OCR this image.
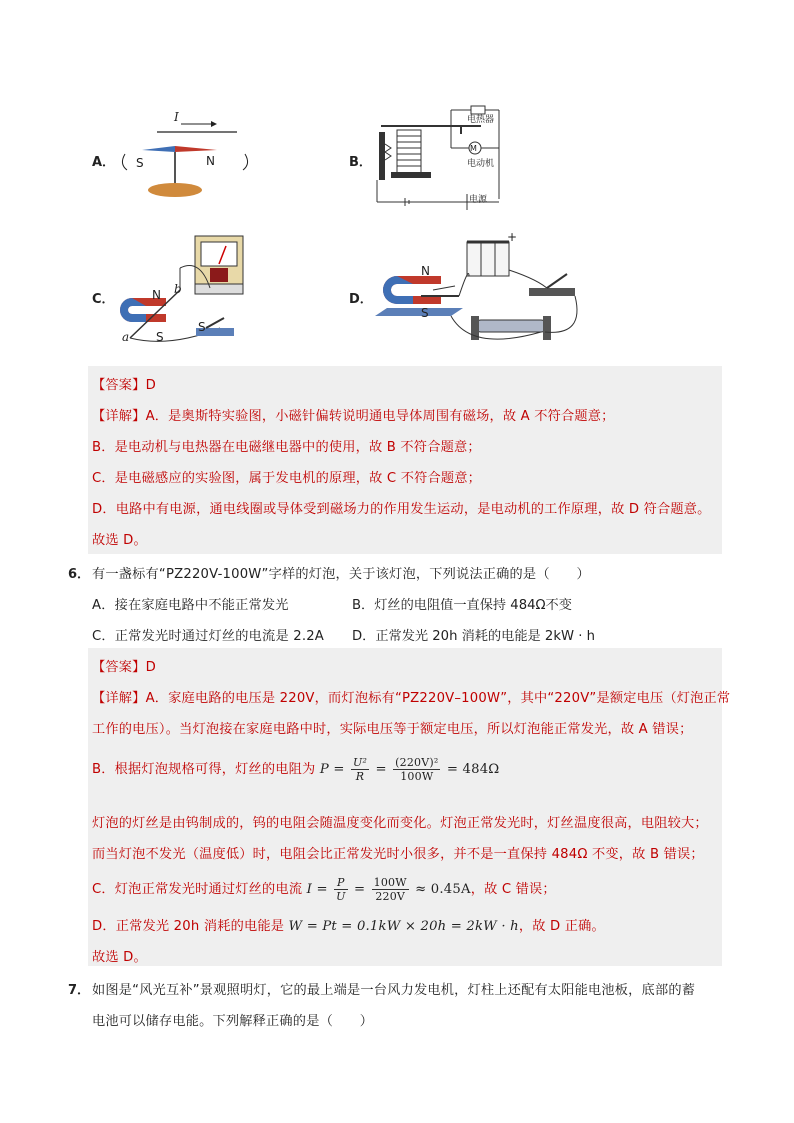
A．
I
S	N	B．
电热器
M
电动机
电源
C．	N
S
b
a
S
D．
N
S
+
【答案】D
【详解】A．是奥斯特实验图，小磁针偏转说明通电导体周围有磁场，故 A 不符合题意；
B．是电动机与电热器在电磁继电器中的使用，故 B 不符合题意；
C．是电磁感应的实验图，属于发电机的原理，故 C 不符合题意；
D．电路中有电源，通电线圈或导体受到磁场力的作用发生运动，是电动机的工作原理，故 D 符合题意。
故选 D。
6． 有一盏标有“PZ220V-100W”字样的灯泡，关于该灯泡，下列说法正确的是（　　）
A．接在家庭电路中不能正常发光	B．灯丝的电阻值一直保持 484Ω不变
C．正常发光时通过灯丝的电流是 2.2A D．正常发光 20h 消耗的电能是 2kW · h
【答案】D
【详解】A．家庭电路的电压是 220V，而灯泡标有“PZ220V–100W”，其中“220V”是额定电压（灯泡正常
工作的电压）。当灯泡接在家庭电路中时，实际电压等于额定电压，所以灯泡能正常发光，故 A 错误；
B．根据灯泡规格可得，灯丝的电阻为 $P = \frac{\text{U²}}{R} = \frac{\text{(220V)²}}{100W} = 484\Omega$
灯泡的灯丝是由钨制成的，钨的电阻会随温度变化而变化。灯泡正常发光时，灯丝温度很高，电阻较大；
而当灯泡不发光（温度低）时，电阻会比正常发光时小很多，并不是一直保持 484Ω 不变，故 B 错误；
C．灯泡正常发光时通过灯丝的电流 $I = \frac{P}{U} = \frac{100W}{220V} \approx 0.45A$，故 C 错误；
D．正常发光 20h 消耗的电能是 W = Pt = 0.1kW × 20h = 2kW · h，故 D 正确。
故选 D。
7． 如图是“风光互补”景观照明灯，它的最上端是一台风力发电机，灯柱上还配有太阳能电池板，底部的蓄
电池可以储存电能。下列解释正确的是（　　）
